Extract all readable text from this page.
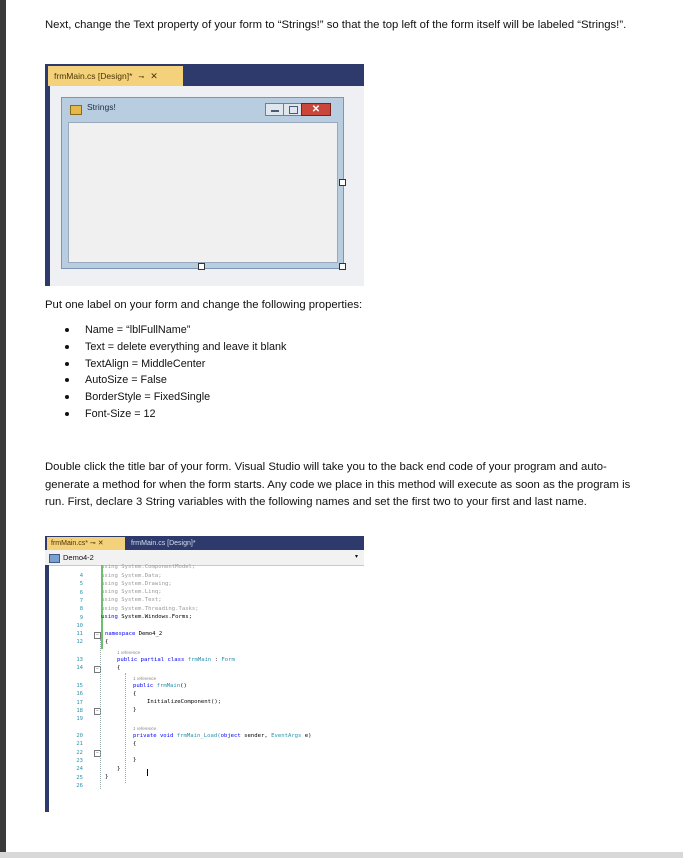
Next, change the Text property of your form to “Strings!” so that the top left of the form itself will be labeled “Strings!”.

frmMain.cs [Design]* ⊸ ✕
Strings!	✕

Put one label on your form and change the following properties:

Name = “lblFullName”
Text = delete everything and leave it blank
TextAlign = MiddleCenter
AutoSize = False
BorderStyle = FixedSingle
Font-Size = 12

Double click the title bar of your form. Visual Studio will take you to the back end code of your program and auto-generate a method for when the form starts. Any code we place in this method will execute as soon as the program is run. First, declare 3 String variables with the following names and set the first two to your first and last name.

frmMain.cs* ⊸ ✕	frmMain.cs [Design]*
Demo4-2	▾
4
5
6
7
8
9
10
11
12
13
14
15
16
17
18
19
20
21
22
23
24
25
26
−
−
−
−
using System.ComponentModel;
using System.Data;
using System.Drawing;
using System.Linq;
using System.Text;
using System.Threading.Tasks;
using System.Windows.Forms;
namespace Demo4_2
{
1 reference
public partial class frmMain : Form
{
1 reference
public frmMain()
{
InitializeComponent();
}
1 reference
private void frmMain_Load(object sender, EventArgs e)
{
}
}
}
